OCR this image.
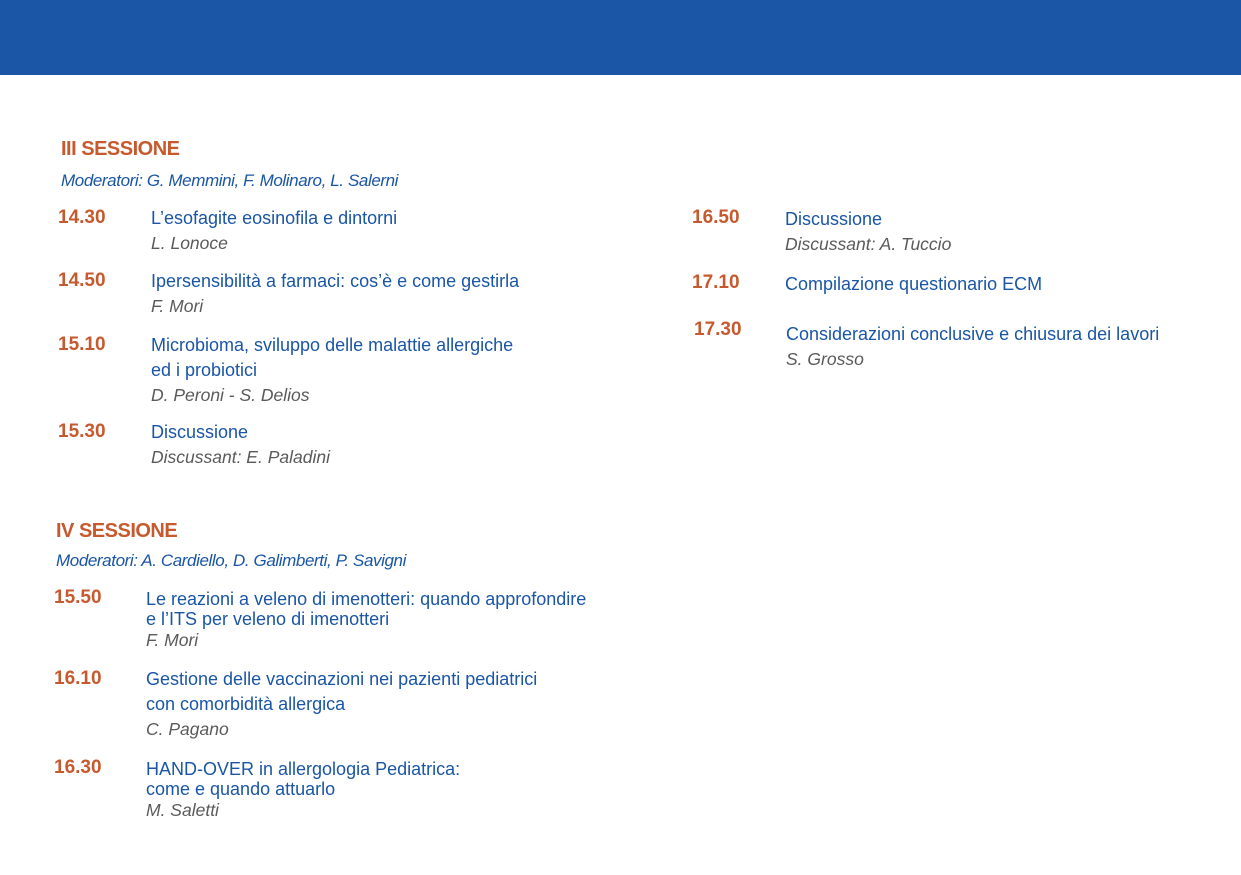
III SESSIONE
Moderatori: G. Memmini, F. Molinaro, L. Salerni
14.30	L’esofagite eosinofila e dintorni
L. Lonoce
14.50	Ipersensibilità a farmaci: cos’è e come gestirla
F. Mori
15.10	Microbioma, sviluppo delle malattie allergiche
ed i probiotici
D. Peroni - S. Delios
15.30	Discussione
Discussant: E. Paladini
IV SESSIONE
Moderatori: A. Cardiello, D. Galimberti, P. Savigni
15.50 Le reazioni a veleno di imenotteri: quando approfondire
e l’ITS per veleno di imenotteri
F. Mori
16.10 Gestione delle vaccinazioni nei pazienti pediatrici
con comorbidità allergica
C. Pagano
16.30 HAND-OVER in allergologia Pediatrica:
come e quando attuarlo
M. Saletti
16.50	Discussione
Discussant: A. Tuccio
17.10	Compilazione questionario ECM
17.30 Considerazioni conclusive e chiusura dei lavori
S. Grosso
